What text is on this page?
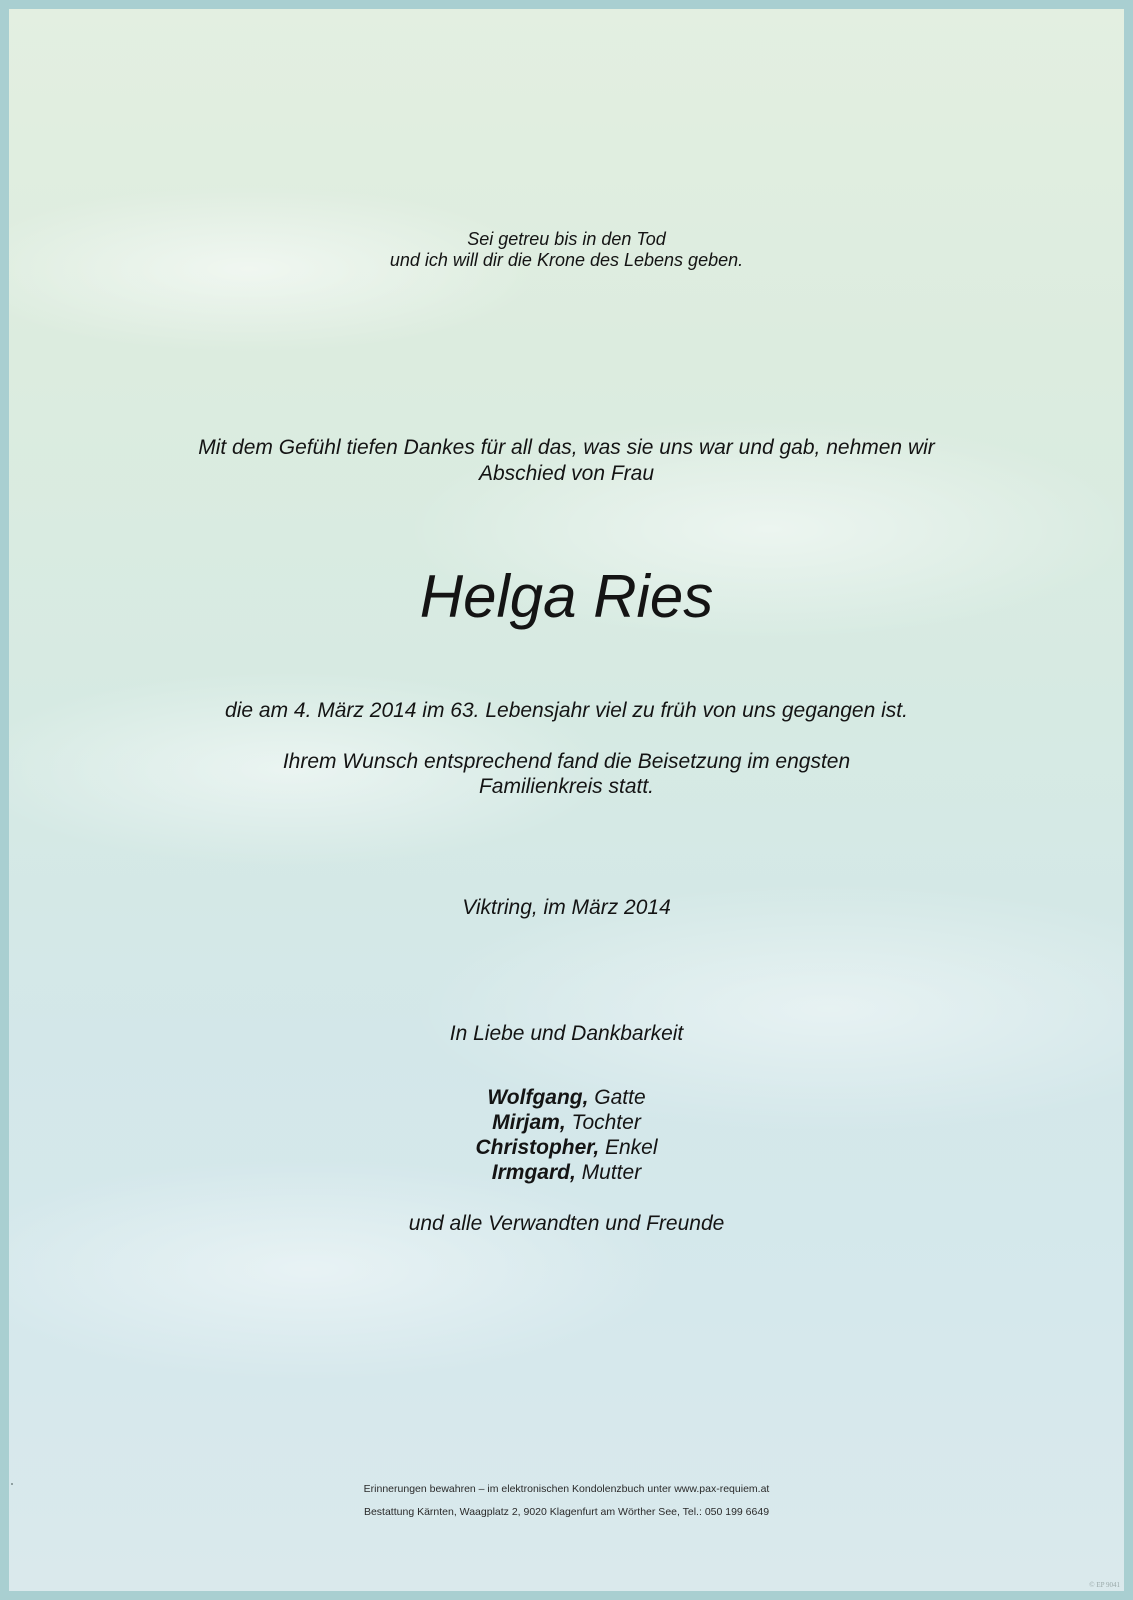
Sei getreu bis in den Tod
und ich will dir die Krone des Lebens geben.
Mit dem Gefühl tiefen Dankes für all das, was sie uns war und gab, nehmen wir
Abschied von Frau
Helga Ries
die am 4. März 2014 im 63. Lebensjahr viel zu früh von uns gegangen ist.
Ihrem Wunsch entsprechend fand die Beisetzung im engsten
Familienkreis statt.
Viktring, im März 2014
In Liebe und Dankbarkeit
Wolfgang, Gatte
Mirjam, Tochter
Christopher, Enkel
Irmgard, Mutter
und alle Verwandten und Freunde
Erinnerungen bewahren – im elektronischen Kondolenzbuch unter www.pax-requiem.at
Bestattung Kärnten, Waagplatz 2, 9020 Klagenfurt am Wörther See, Tel.: 050 199 6649
© EP 9041
